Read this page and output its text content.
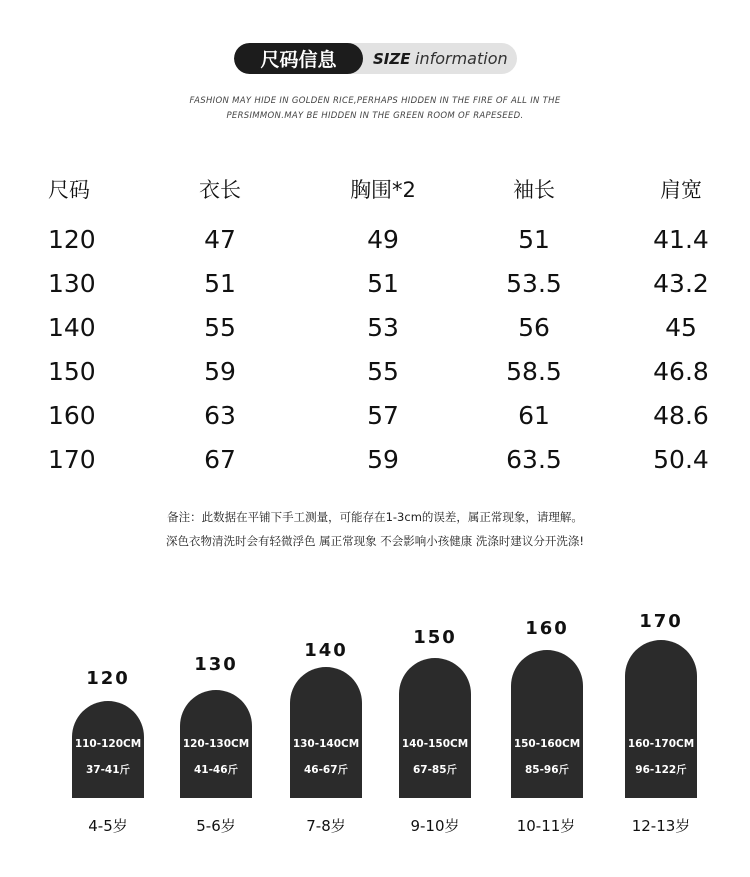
尺码信息	SIZE information
FASHION MAY HIDE IN GOLDEN RICE,PERHAPS HIDDEN IN THE FIRE OF ALL IN THE
PERSIMMON.MAY BE HIDDEN IN THE GREEN ROOM OF RAPESEED.
尺码	衣长	胸围*2	袖长	肩宽
120	47	49	51	41.4
130	51	51	53.5	43.2
140	55	53	56	45
150	59	55	58.5	46.8
160	63	57	61	48.6
170	67	59	63.5	50.4
备注：此数据在平铺下手工测量，可能存在1-3cm的误差，属正常现象，请理解。
深色衣物清洗时会有轻微浮色 属正常现象 不会影响小孩健康 洗涤时建议分开洗涤!
110-120CM
37-41斤
120
4-5岁
120-130CM
41-46斤
130
5-6岁
130-140CM
46-67斤
140
7-8岁
140-150CM
67-85斤
150
9-10岁
150-160CM
85-96斤
160
10-11岁
160-170CM
96-122斤
170
12-13岁
